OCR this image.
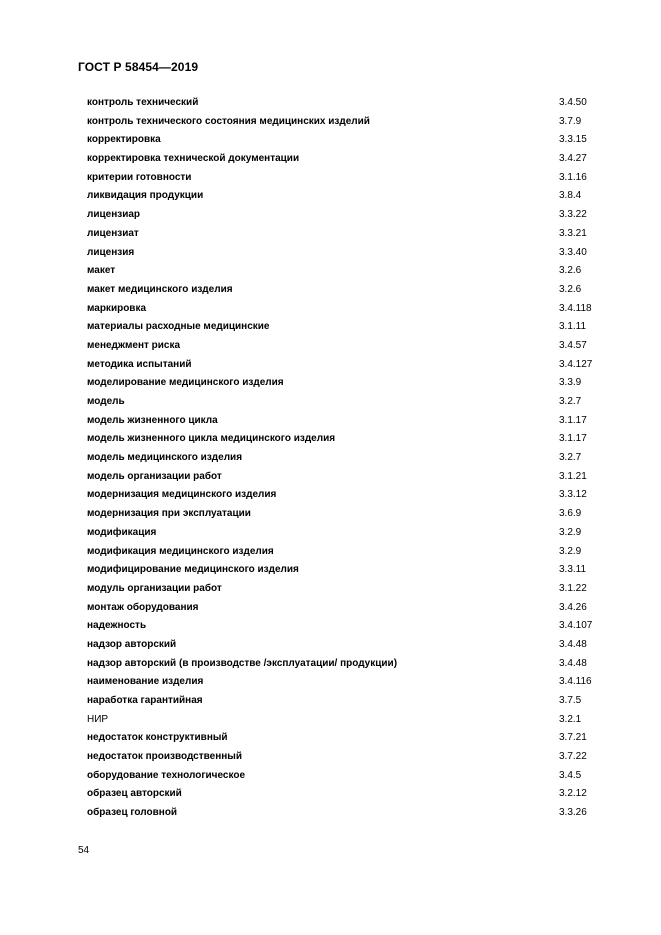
ГОСТ Р 58454—2019
контроль технический	3.4.50
контроль технического состояния медицинских изделий	3.7.9
корректировка	3.3.15
корректировка технической документации	3.4.27
критерии готовности	3.1.16
ликвидация продукции	3.8.4
лицензиар	3.3.22
лицензиат	3.3.21
лицензия	3.3.40
макет	3.2.6
макет медицинского изделия	3.2.6
маркировка	3.4.118
материалы расходные медицинские	3.1.11
менеджмент риска	3.4.57
методика испытаний	3.4.127
моделирование медицинского изделия	3.3.9
модель	3.2.7
модель жизненного цикла	3.1.17
модель жизненного цикла медицинского изделия	3.1.17
модель медицинского изделия	3.2.7
модель организации работ	3.1.21
модернизация медицинского изделия	3.3.12
модернизация при эксплуатации	3.6.9
модификация	3.2.9
модификация медицинского изделия	3.2.9
модифицирование медицинского изделия	3.3.11
модуль организации работ	3.1.22
монтаж оборудования	3.4.26
надежность	3.4.107
надзор авторский	3.4.48
надзор авторский (в производстве /эксплуатации/ продукции)	3.4.48
наименование изделия	3.4.116
наработка гарантийная	3.7.5
НИР	3.2.1
недостаток конструктивный	3.7.21
недостаток производственный	3.7.22
оборудование технологическое	3.4.5
образец авторский	3.2.12
образец головной	3.3.26
54
